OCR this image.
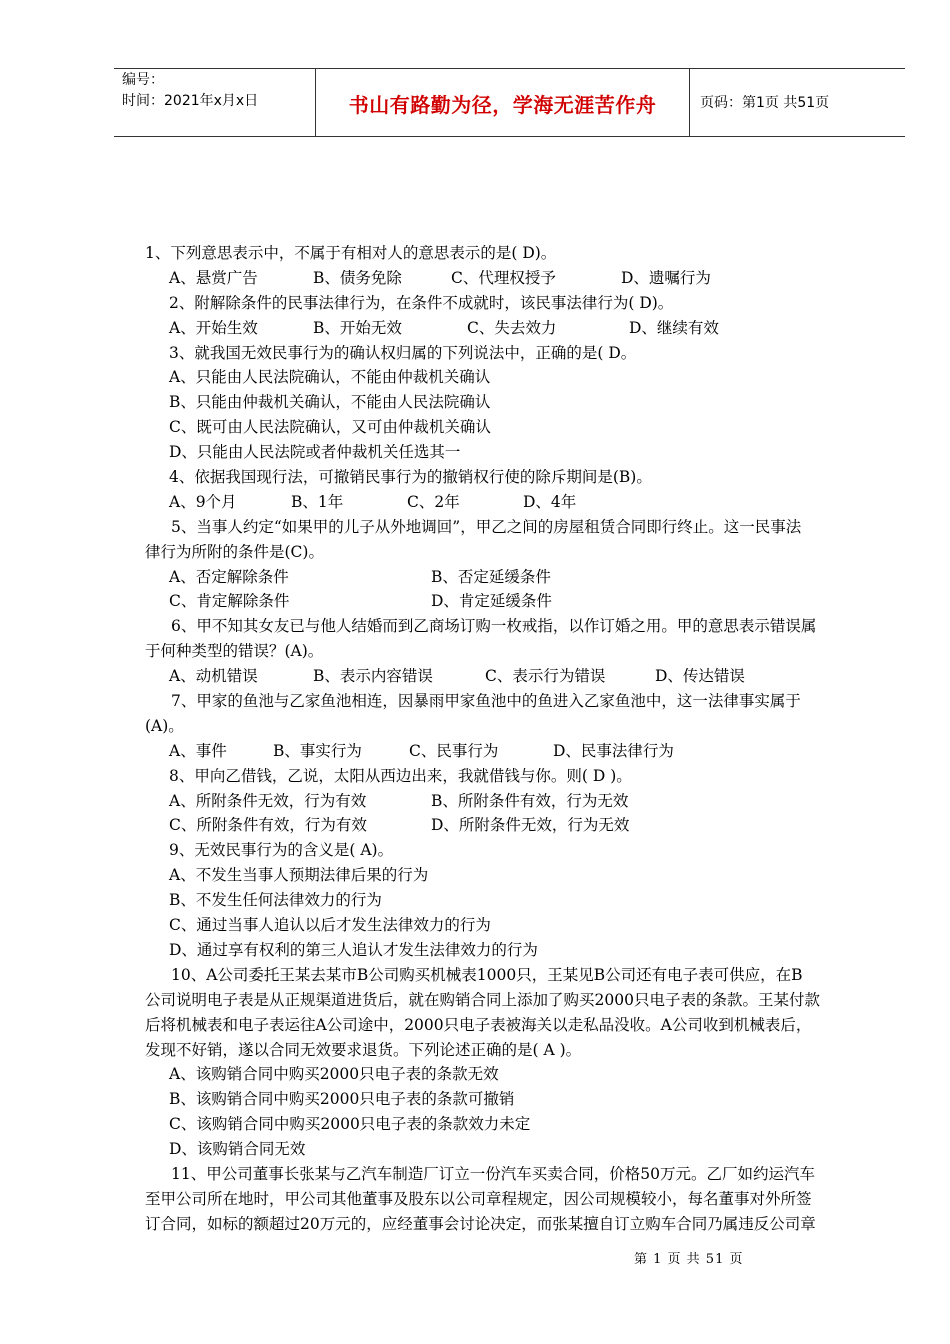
编号：
时间：2021年x月x日	书山有路勤为径，学海无涯苦作舟	页码：第1页 共51页
1、下列意思表示中，不属于有相对人的意思表示的是( D)。
A、悬赏广告	B、债务免除	C、代理权授予	D、遗嘱行为
2、附解除条件的民事法律行为，在条件不成就时，该民事法律行为( D)。
A、开始生效	B、开始无效	C、失去效力	D、继续有效
3、就我国无效民事行为的确认权归属的下列说法中，正确的是( D。
A、只能由人民法院确认，不能由仲裁机关确认
B、只能由仲裁机关确认，不能由人民法院确认
C、既可由人民法院确认，又可由仲裁机关确认
D、只能由人民法院或者仲裁机关任选其一
4、依据我国现行法，可撤销民事行为的撤销权行使的除斥期间是(B)。
A、9个月	B、1年	C、2年	D、4年
5、当事人约定“如果甲的儿子从外地调回”，甲乙之间的房屋租赁合同即行终止。这一民事法
律行为所附的条件是(C)。
A、否定解除条件	B、否定延缓条件
C、肯定解除条件	D、肯定延缓条件
6、甲不知其女友已与他人结婚而到乙商场订购一枚戒指，以作订婚之用。甲的意思表示错误属
于何种类型的错误？(A)。
A、动机错误	B、表示内容错误	C、表示行为错误	D、传达错误
7、甲家的鱼池与乙家鱼池相连，因暴雨甲家鱼池中的鱼进入乙家鱼池中，这一法律事实属于
(A)。
A、事件	B、事实行为	C、民事行为	D、民事法律行为
8、甲向乙借钱，乙说，太阳从西边出来，我就借钱与你。则( D )。
A、所附条件无效，行为有效	B、所附条件有效，行为无效
C、所附条件有效，行为有效	D、所附条件无效，行为无效
9、无效民事行为的含义是( A)。
A、不发生当事人预期法律后果的行为
B、不发生任何法律效力的行为
C、通过当事人追认以后才发生法律效力的行为
D、通过享有权利的第三人追认才发生法律效力的行为
10、A公司委托王某去某市B公司购买机械表1000只，王某见B公司还有电子表可供应，在B
公司说明电子表是从正规渠道进货后，就在购销合同上添加了购买2000只电子表的条款。王某付款
后将机械表和电子表运往A公司途中，2000只电子表被海关以走私品没收。A公司收到机械表后，
发现不好销，遂以合同无效要求退货。下列论述正确的是( A )。
A、该购销合同中购买2000只电子表的条款无效
B、该购销合同中购买2000只电子表的条款可撤销
C、该购销合同中购买2000只电子表的条款效力未定
D、该购销合同无效
11、甲公司董事长张某与乙汽车制造厂订立一份汽车买卖合同，价格50万元。乙厂如约运汽车
至甲公司所在地时，甲公司其他董事及股东以公司章程规定，因公司规模较小，每名董事对外所签
订合同，如标的额超过20万元的，应经董事会讨论决定，而张某擅自订立购车合同乃属违反公司章
第 1 页 共 51 页
